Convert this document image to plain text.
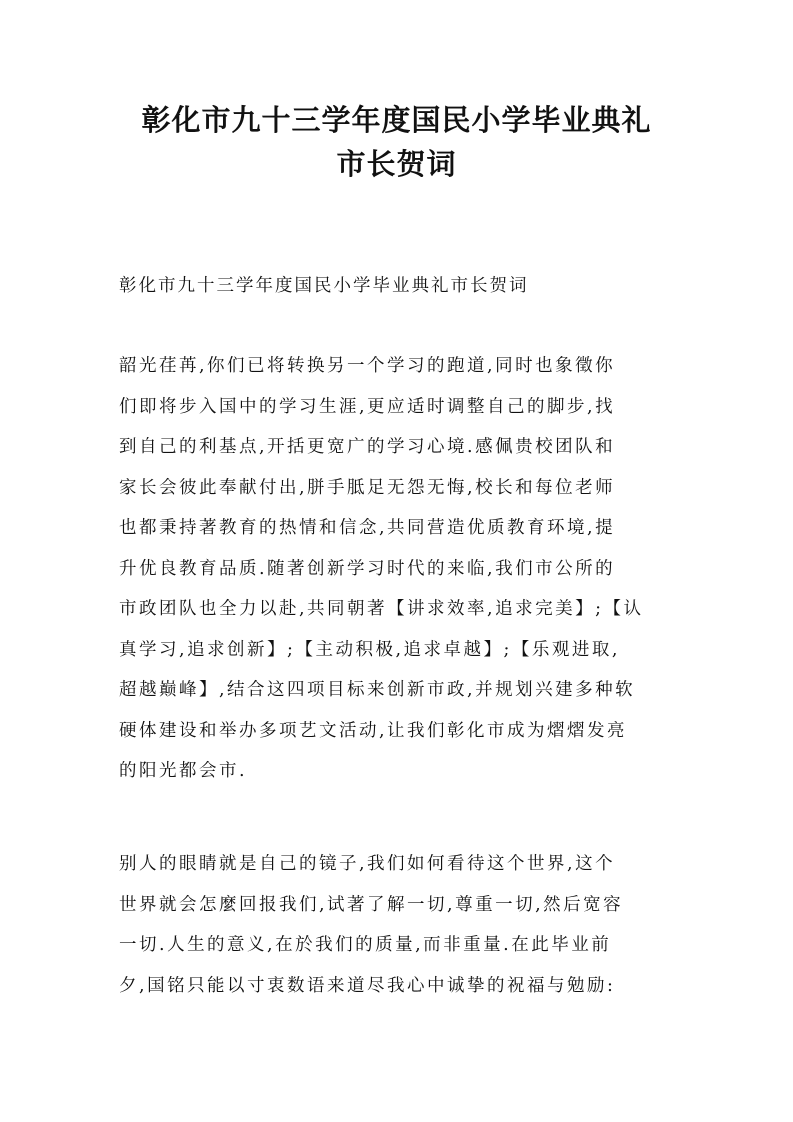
彰化市九十三学年度国民小学毕业典礼
市长贺词
彰化市九十三学年度国民小学毕业典礼市长贺词
韶光荏苒,你们已将转换另一个学习的跑道,同时也象徵你
们即将步入国中的学习生涯,更应适时调整自己的脚步,找
到自己的利基点,开括更宽广的学习心境.感佩贵校团队和
家长会彼此奉献付出,胼手胝足无怨无悔,校长和每位老师
也都秉持著教育的热情和信念,共同营造优质教育环境,提
升优良教育品质.随著创新学习时代的来临,我们市公所的
市政团队也全力以赴,共同朝著【讲求效率,追求完美】;【认
真学习,追求创新】;【主动积极,追求卓越】;【乐观进取,
超越巅峰】,结合这四项目标来创新市政,并规划兴建多种软
硬体建设和举办多项艺文活动,让我们彰化市成为熠熠发亮
的阳光都会市.
别人的眼睛就是自己的镜子,我们如何看待这个世界,这个
世界就会怎麼回报我们,试著了解一切,尊重一切,然后宽容
一切.人生的意义,在於我们的质量,而非重量.在此毕业前
夕,国铭只能以寸衷数语来道尽我心中诚挚的祝福与勉励:
